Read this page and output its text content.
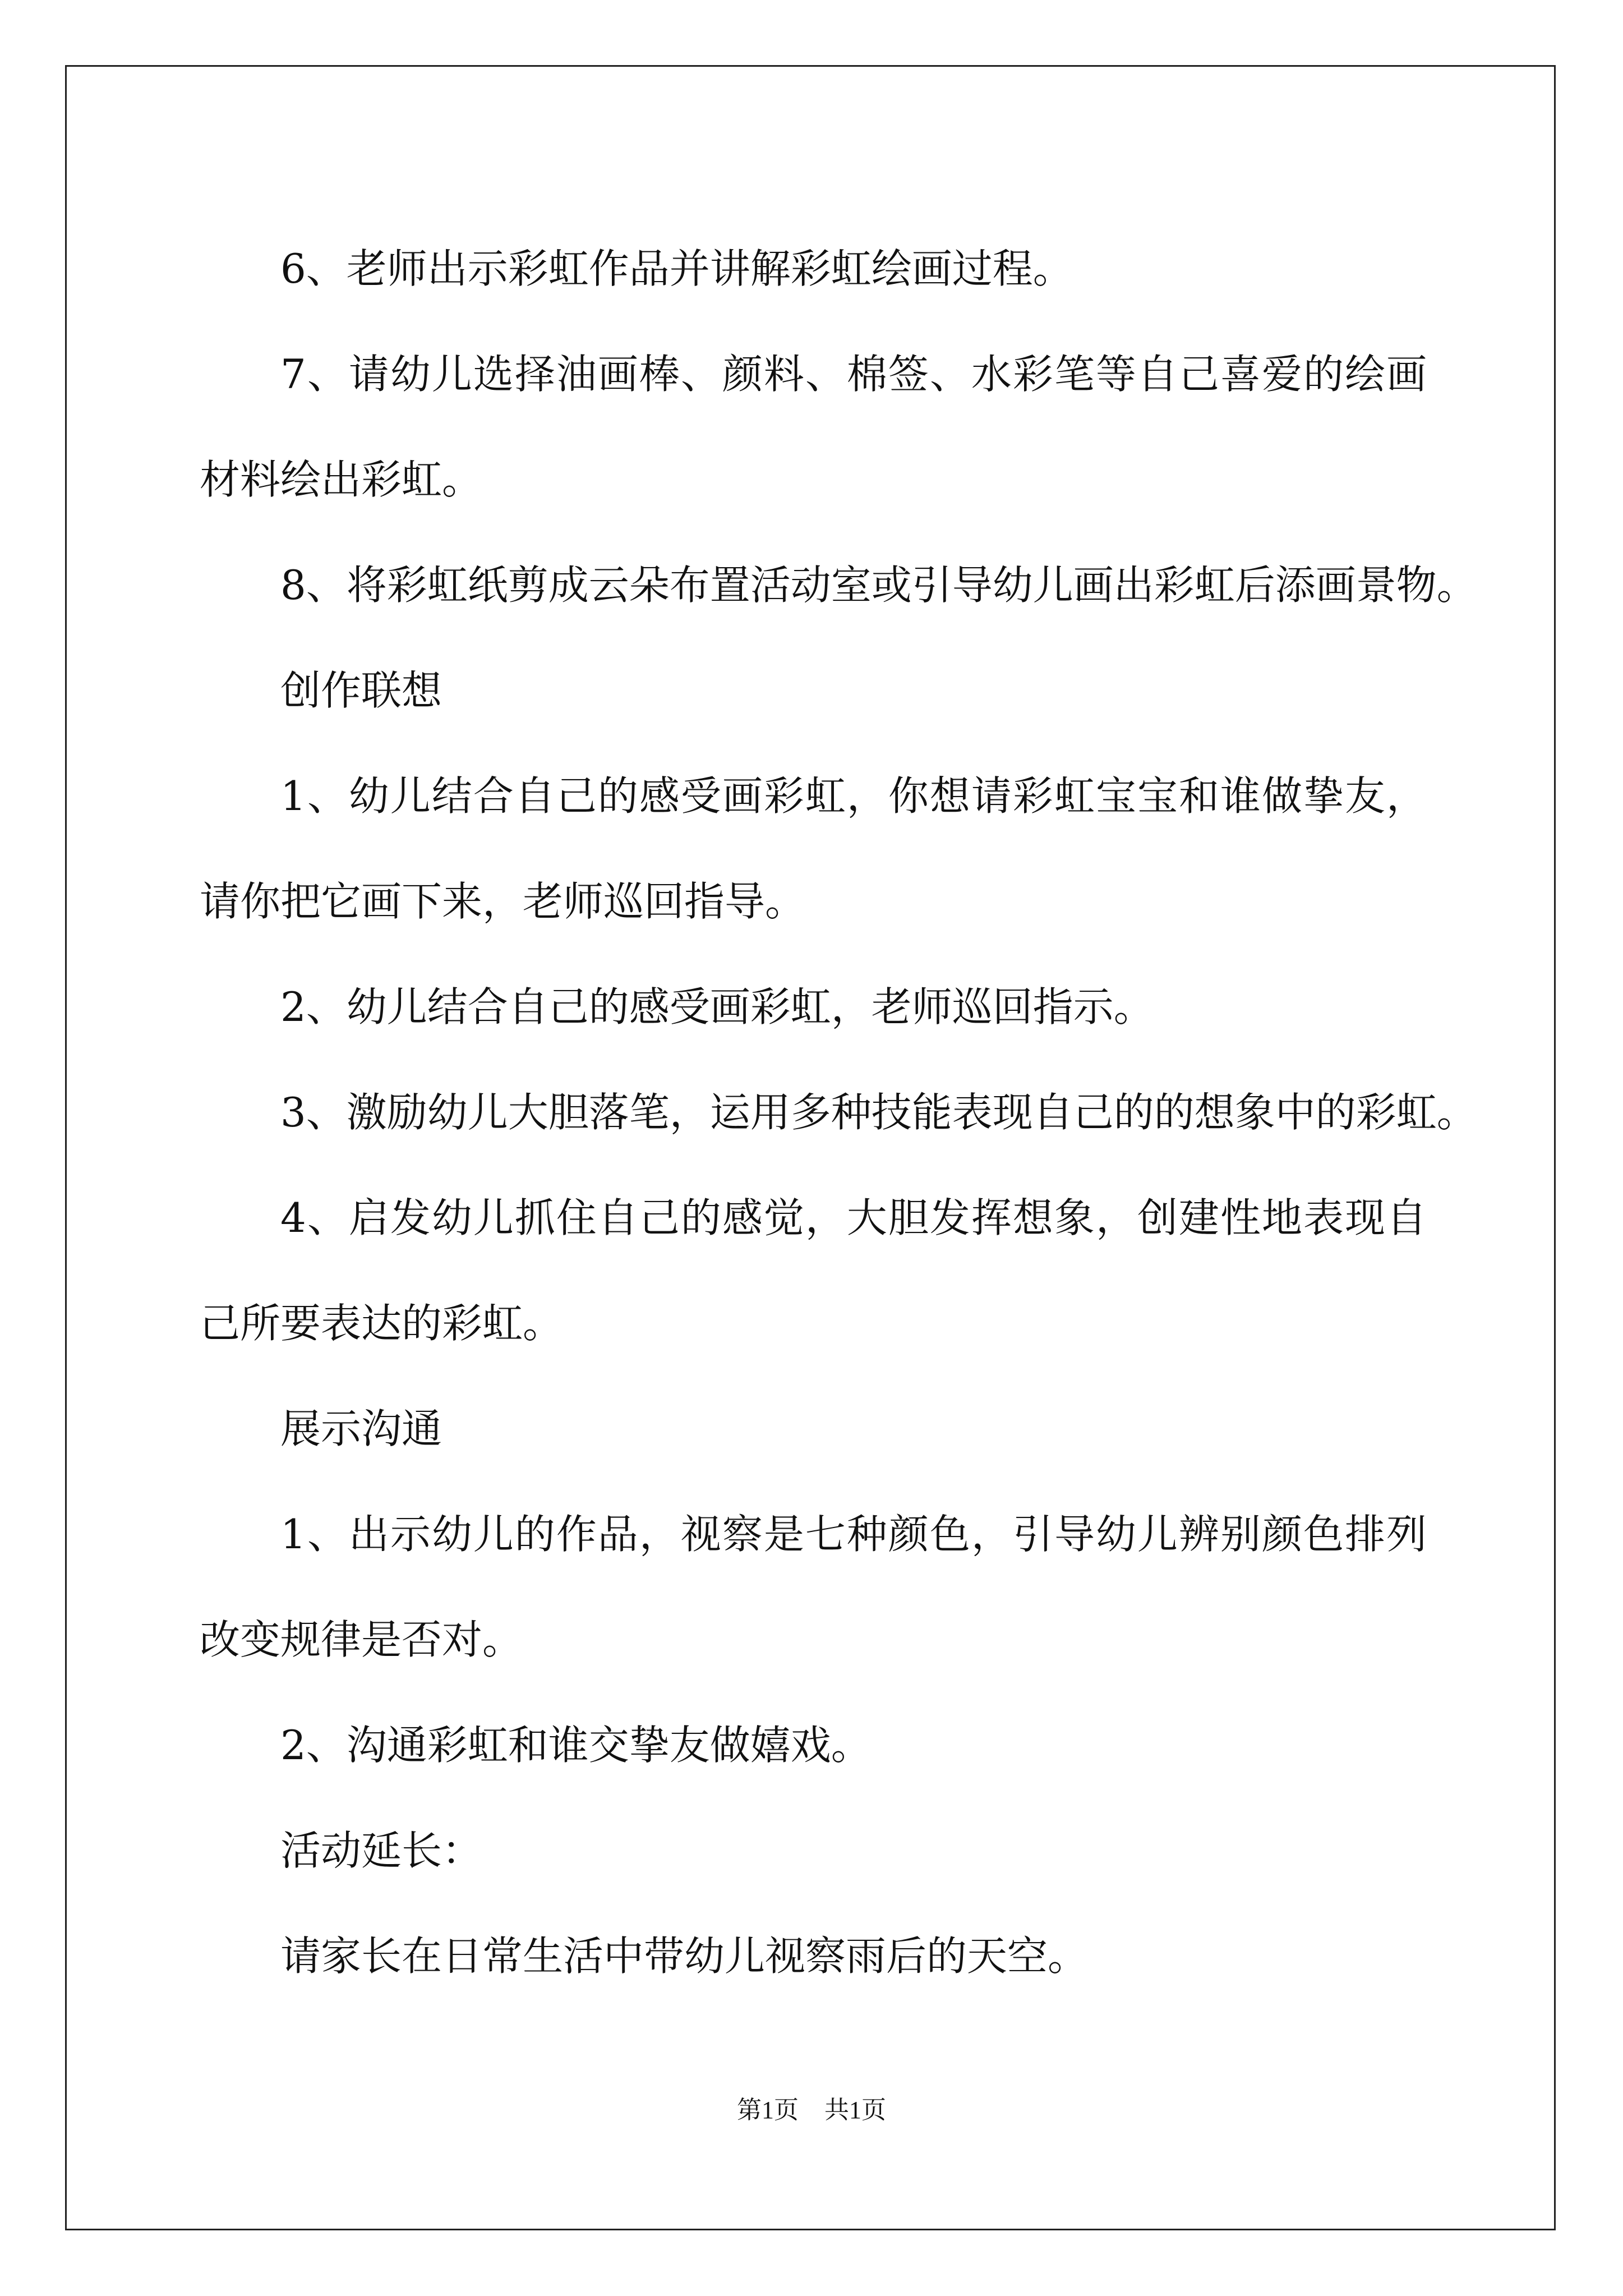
6、老师出示彩虹作品并讲解彩虹绘画过程。

7、请幼儿选择油画棒、颜料、棉签、水彩笔等自己喜爱的绘画材料绘出彩虹。

8、将彩虹纸剪成云朵布置活动室或引导幼儿画出彩虹后添画景物。

创作联想

1、幼儿结合自己的感受画彩虹，你想请彩虹宝宝和谁做挚友，请你把它画下来，老师巡回指导。

2、幼儿结合自己的感受画彩虹，老师巡回指示。

3、激励幼儿大胆落笔，运用多种技能表现自己的的想象中的彩虹。

4、启发幼儿抓住自己的感觉，大胆发挥想象，创建性地表现自己所要表达的彩虹。

展示沟通

1、出示幼儿的作品，视察是七种颜色，引导幼儿辨别颜色排列改变规律是否对。

2、沟通彩虹和谁交挚友做嬉戏。

活动延长：

请家长在日常生活中带幼儿视察雨后的天空。

第1页 共1页
